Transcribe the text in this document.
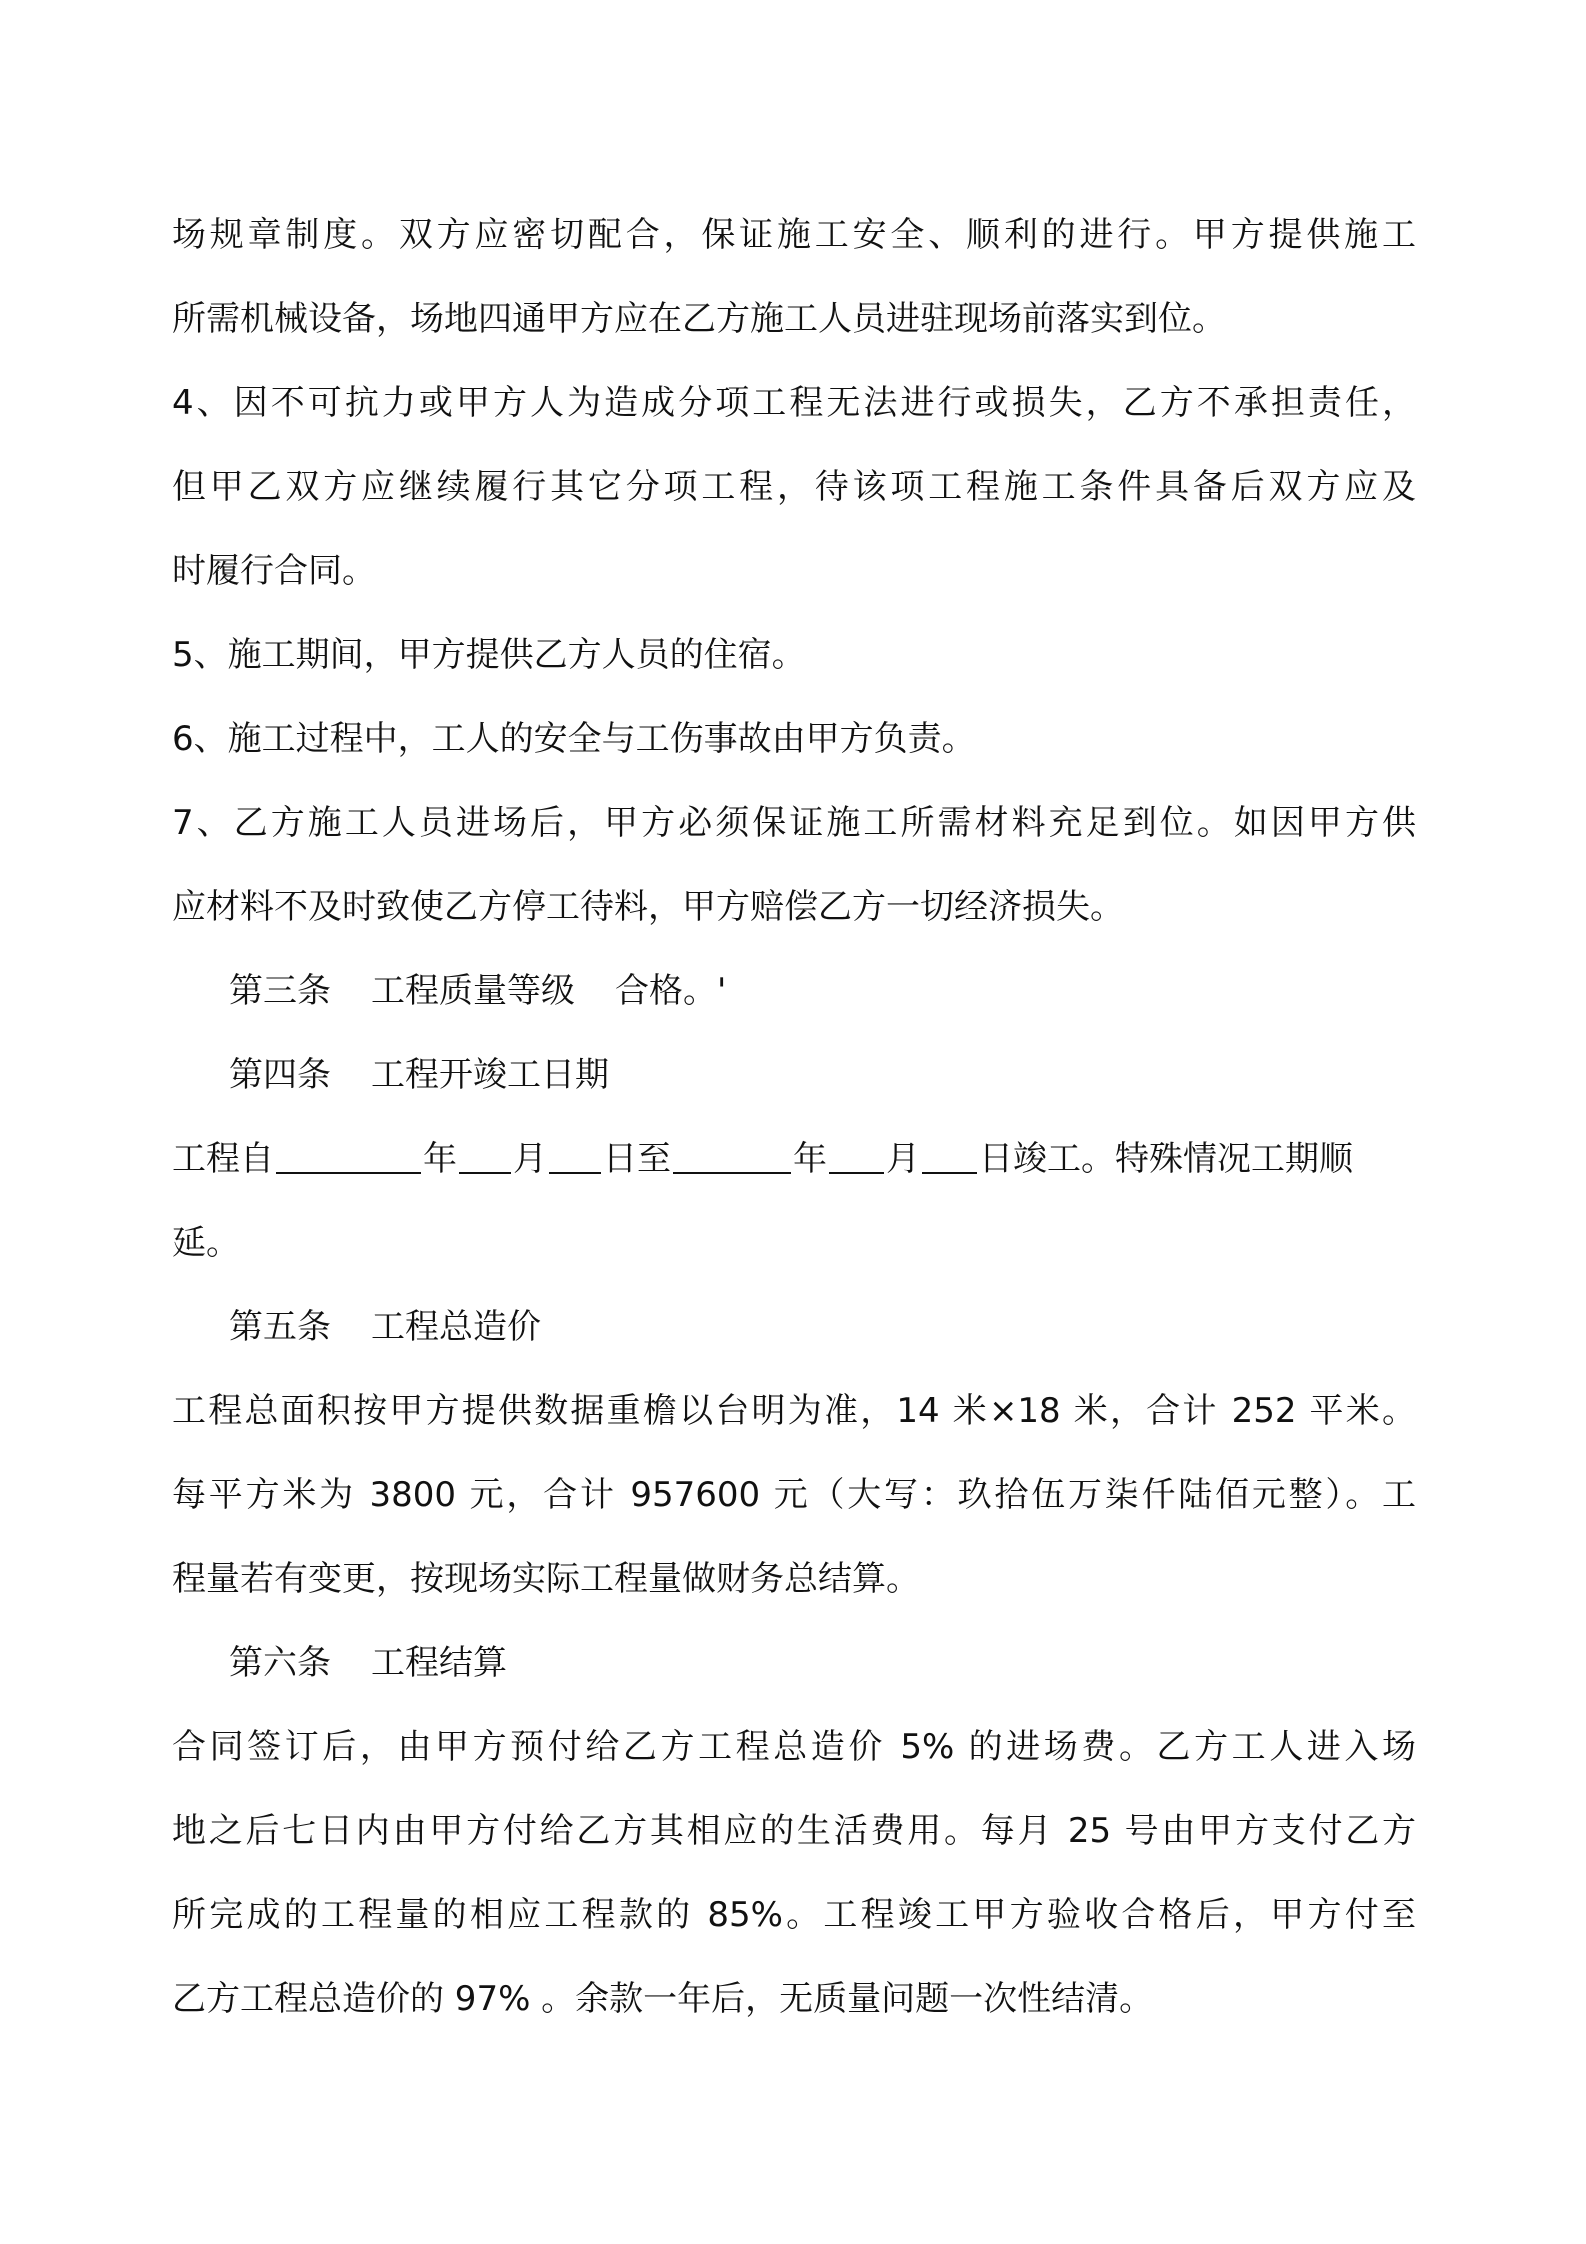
场规章制度。双方应密切配合，保证施工安全、顺利的进行。甲方提供施工
所需机械设备，场地四通甲方应在乙方施工人员进驻现场前落实到位。
4、因不可抗力或甲方人为造成分项工程无法进行或损失，乙方不承担责任，
但甲乙双方应继续履行其它分项工程，待该项工程施工条件具备后双方应及
时履行合同。
5、施工期间，甲方提供乙方人员的住宿。
6、施工过程中，工人的安全与工伤事故由甲方负责。
7、乙方施工人员进场后，甲方必须保证施工所需材料充足到位。如因甲方供
应材料不及时致使乙方停工待料，甲方赔偿乙方一切经济损失。
第三条 工程质量等级 合格。'
第四条 工程开竣工日期
工程自	年 月 日至	年 月 日竣工。特殊情况工期顺
延。
第五条 工程总造价
工程总面积按甲方提供数据重檐以台明为准，14 米×18 米，合计 252 平米。
每平方米为 3800 元，合计 957600 元（大写：玖拾伍万柒仟陆佰元整）。工
程量若有变更，按现场实际工程量做财务总结算。
第六条 工程结算
合同签订后，由甲方预付给乙方工程总造价 5% 的进场费。乙方工人进入场
地之后七日内由甲方付给乙方其相应的生活费用。每月 25 号由甲方支付乙方
所完成的工程量的相应工程款的 85%。工程竣工甲方验收合格后，甲方付至
乙方工程总造价的 97% 。余款一年后，无质量问题一次性结清。
